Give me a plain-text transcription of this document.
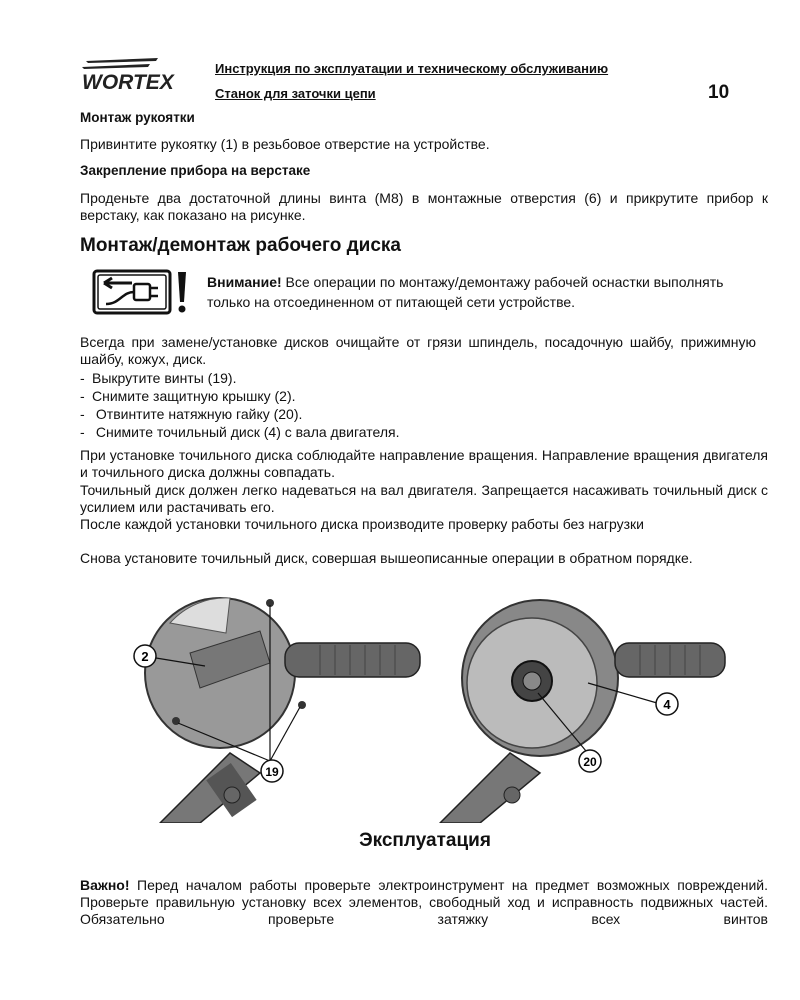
WORTEX
Инструкция по эксплуатации и техническому обслуживанию
Станок для заточки цепи	10
Монтаж рукоятки
Привинтите рукоятку (1) в резьбовое отверстие на устройстве.
Закрепление прибора на верстаке
Проденьте два достаточной длины винта (М8) в монтажные отверстия (6) и прикрутите прибор к верстаку, как показано на рисунке.
Монтаж/демонтаж рабочего диска
Внимание! Все операции по монтажу/демонтажу рабочей оснастки выполнять только на отсоединенном от питающей сети устройстве.
Всегда при замене/установке дисков очищайте от грязи шпиндель, посадочную шайбу, прижимную шайбу, кожух, диск.
- Выкрутите винты (19).
- Снимите защитную крышку (2).
- Отвинтите натяжную гайку (20).
- Снимите точильный диск (4) с вала двигателя.
При установке точильного диска соблюдайте направление вращения. Направление вращения двигателя и точильного диска должны совпадать.
Точильный диск должен легко надеваться на вал двигателя. Запрещается насаживать точильный диск с усилием или растачивать его.
После каждой установки точильного диска производите проверку работы без нагрузки
Снова установите точильный диск, совершая вышеописанные операции в обратном порядке.
2
19
4
20
Эксплуатация
Важно! Перед началом работы проверьте электроинструмент на предмет возможных повреждений. Проверьте правильную установку всех элементов, свободный ход и исправность подвижных частей. Обязательно проверьте затяжку всех винтов
